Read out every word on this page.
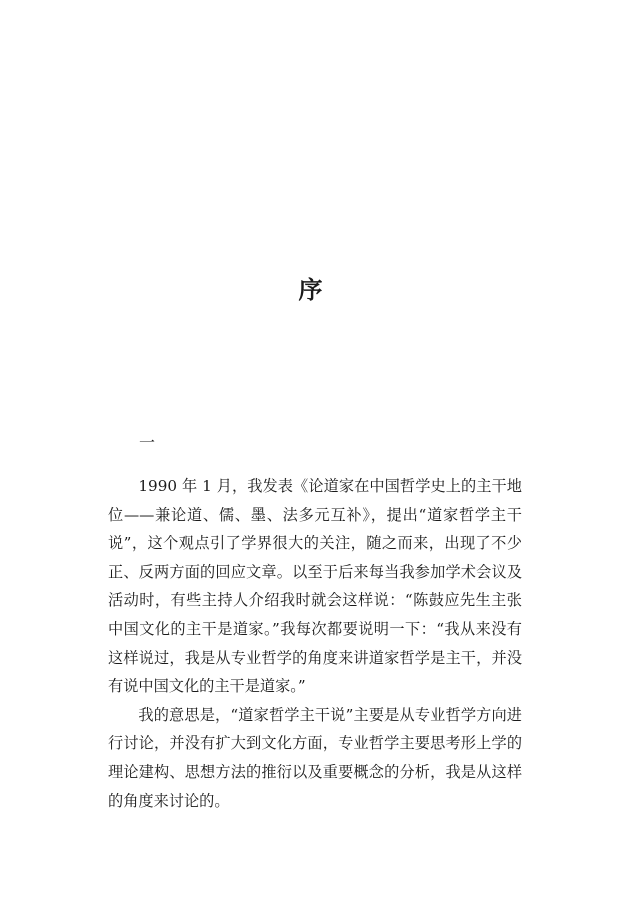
序
一

1990 年 1 月，我发表《论道家在中国哲学史上的主干地位——兼论道、儒、墨、法多元互补》，提出“道家哲学主干说”，这个观点引了学界很大的关注，随之而来，出现了不少正、反两方面的回应文章。以至于后来每当我参加学术会议及活动时，有些主持人介绍我时就会这样说：“陈鼓应先生主张中国文化的主干是道家。”我每次都要说明一下：“我从来没有这样说过，我是从专业哲学的角度来讲道家哲学是主干，并没有说中国文化的主干是道家。”

我的意思是，“道家哲学主干说”主要是从专业哲学方向进行讨论，并没有扩大到文化方面，专业哲学主要思考形上学的理论建构、思想方法的推衍以及重要概念的分析，我是从这样的角度来讨论的。
